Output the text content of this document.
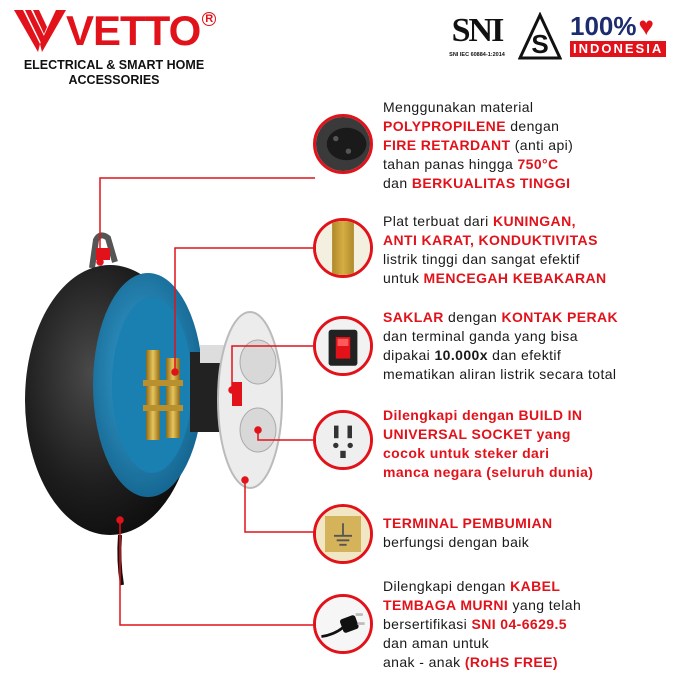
VETTO R
ELECTRICAL & SMART HOME
ACCESSORIES
SNI
SNI IEC 60884-1:2014 S
100% ♥
INDONESIA
Menggunakan material
POLYPROPILENE dengan
FIRE RETARDANT (anti api)
tahan panas hingga 750°C
dan BERKUALITAS TINGGI
Plat terbuat dari KUNINGAN,
ANTI KARAT, KONDUKTIVITAS
listrik tinggi dan sangat efektif
untuk MENCEGAH KEBAKARAN
SAKLAR dengan KONTAK PERAK
dan terminal ganda yang bisa
dipakai 10.000x dan efektif
mematikan aliran listrik secara total
Dilengkapi dengan BUILD IN
UNIVERSAL SOCKET yang
cocok untuk steker dari
manca negara (seluruh dunia)
TERMINAL PEMBUMIAN
berfungsi dengan baik
Dilengkapi dengan KABEL
TEMBAGA MURNI yang telah
bersertifikasi SNI 04-6629.5
dan aman untuk
anak - anak (RoHS FREE)
